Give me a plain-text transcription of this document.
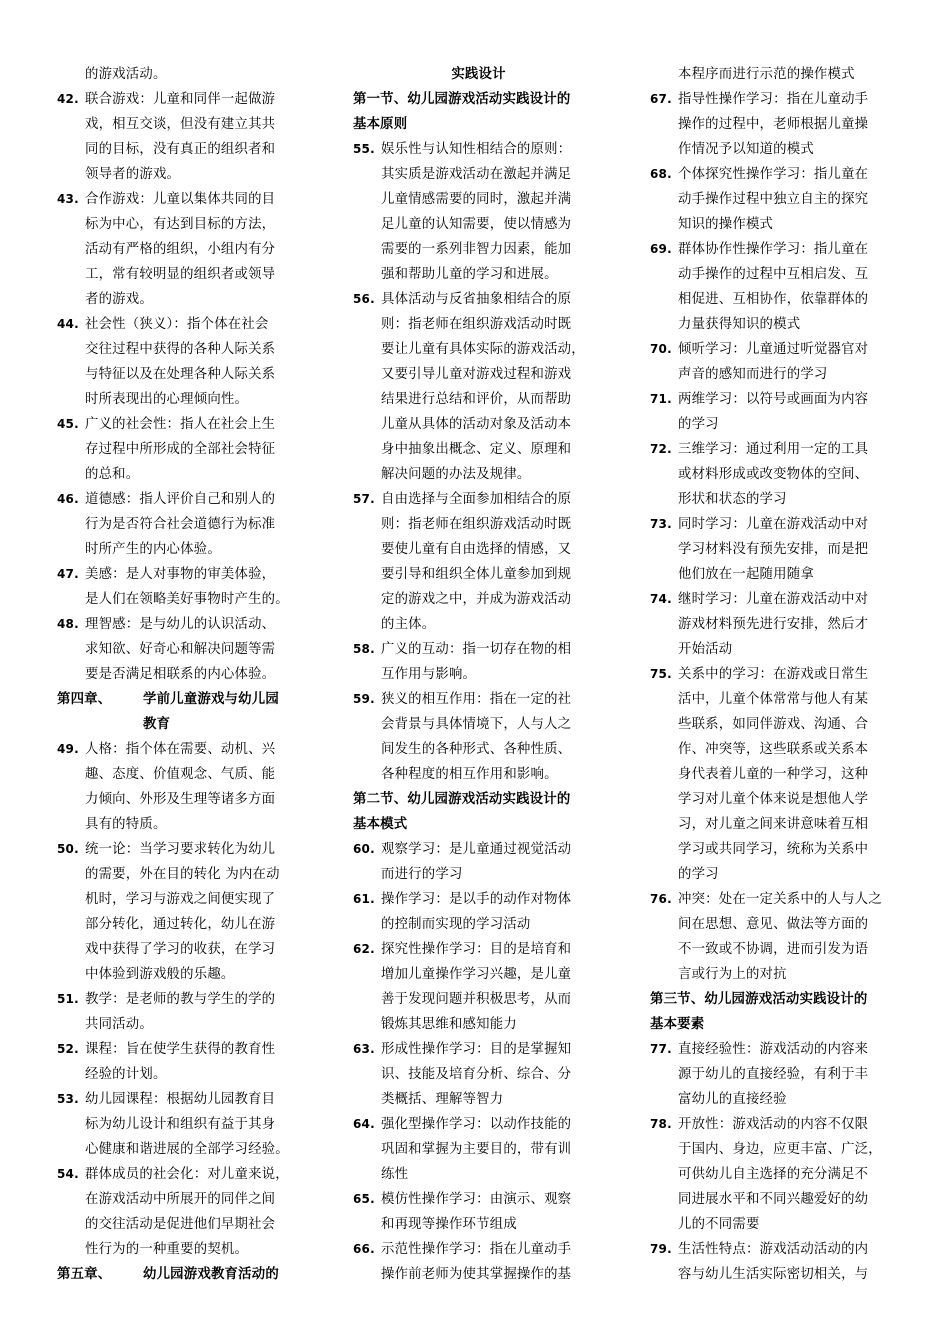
的游戏活动。
42. 联合游戏：儿童和同伴一起做游
戏，相互交谈，但没有建立其共
同的目标，没有真正的组织者和
领导者的游戏。
43. 合作游戏：儿童以集体共同的目
标为中心，有达到目标的方法，
活动有严格的组织，小组内有分
工，常有较明显的组织者或领导
者的游戏。
44. 社会性（狭义）：指个体在社会
交往过程中获得的各种人际关系
与特征以及在处理各种人际关系
时所表现出的心理倾向性。
45. 广义的社会性：指人在社会上生
存过程中所形成的全部社会特征
的总和。
46. 道德感：指人评价自己和别人的
行为是否符合社会道德行为标准
时所产生的内心体验。
47. 美感：是人对事物的审美体验，
是人们在领略美好事物时产生的。
48. 理智感：是与幼儿的认识活动、
求知欲、好奇心和解决问题等需
要是否满足相联系的内心体验。
第四章、 学前儿童游戏与幼儿园
教育
49. 人格：指个体在需要、动机、兴
趣、态度、价值观念、气质、能
力倾向、外形及生理等诸多方面
具有的特质。
50. 统一论：当学习要求转化为幼儿
的需要，外在目的转化 为内在动
机时，学习与游戏之间便实现了
部分转化，通过转化，幼儿在游
戏中获得了学习的收获，在学习
中体验到游戏般的乐趣。
51. 教学：是老师的教与学生的学的
共同活动。
52. 课程：旨在使学生获得的教育性
经验的计划。
53. 幼儿园课程：根据幼儿园教育目
标为幼儿设计和组织有益于其身
心健康和谐进展的全部学习经验。
54. 群体成员的社会化：对儿童来说，
在游戏活动中所展开的同伴之间
的交往活动是促进他们早期社会
性行为的一种重要的契机。
第五章、 幼儿园游戏教育活动的
实践设计
第一节、幼儿园游戏活动实践设计的
基本原则
55. 娱乐性与认知性相结合的原则：
其实质是游戏活动在激起并满足
儿童情感需要的同时，激起并满
足儿童的认知需要，使以情感为
需要的一系列非智力因素，能加
强和帮助儿童的学习和进展。
56. 具体活动与反省抽象相结合的原
则：指老师在组织游戏活动时既
要让儿童有具体实际的游戏活动，
又要引导儿童对游戏过程和游戏
结果进行总结和评价，从而帮助
儿童从具体的活动对象及活动本
身中抽象出概念、定义、原理和
解决问题的办法及规律。
57. 自由选择与全面参加相结合的原
则：指老师在组织游戏活动时既
要使儿童有自由选择的情感，又
要引导和组织全体儿童参加到规
定的游戏之中，并成为游戏活动
的主体。
58. 广义的互动：指一切存在物的相
互作用与影响。
59. 狭义的相互作用：指在一定的社
会背景与具体情境下，人与人之
间发生的各种形式、各种性质、
各种程度的相互作用和影响。
第二节、幼儿园游戏活动实践设计的
基本模式
60. 观察学习：是儿童通过视觉活动
而进行的学习
61. 操作学习：是以手的动作对物体
的控制而实现的学习活动
62. 探究性操作学习：目的是培育和
增加儿童操作学习兴趣，是儿童
善于发现问题并积极思考，从而
锻炼其思维和感知能力
63. 形成性操作学习：目的是掌握知
识、技能及培育分析、综合、分
类概括、理解等智力
64. 强化型操作学习：以动作技能的
巩固和掌握为主要目的，带有训
练性
65. 模仿性操作学习：由演示、观察
和再现等操作环节组成
66. 示范性操作学习：指在儿童动手
操作前老师为使其掌握操作的基
本程序而进行示范的操作模式
67. 指导性操作学习：指在儿童动手
操作的过程中，老师根据儿童操
作情况予以知道的模式
68. 个体探究性操作学习：指儿童在
动手操作过程中独立自主的探究
知识的操作模式
69. 群体协作性操作学习：指儿童在
动手操作的过程中互相启发、互
相促进、互相协作，依靠群体的
力量获得知识的模式
70. 倾听学习：儿童通过听觉器官对
声音的感知而进行的学习
71. 两维学习：以符号或画面为内容
的学习
72. 三维学习：通过利用一定的工具
或材料形成或改变物体的空间、
形状和状态的学习
73. 同时学习：儿童在游戏活动中对
学习材料没有预先安排，而是把
他们放在一起随用随拿
74. 继时学习：儿童在游戏活动中对
游戏材料预先进行安排，然后才
开始活动
75. 关系中的学习：在游戏或日常生
活中，儿童个体常常与他人有某
些联系，如同伴游戏、沟通、合
作、冲突等，这些联系或关系本
身代表着儿童的一种学习，这种
学习对儿童个体来说是想他人学
习，对儿童之间来讲意味着互相
学习或共同学习，统称为关系中
的学习
76. 冲突：处在一定关系中的人与人之
间在思想、意见、做法等方面的
不一致或不协调，进而引发为语
言或行为上的对抗
第三节、幼儿园游戏活动实践设计的
基本要素
77. 直接经验性：游戏活动的内容来
源于幼儿的直接经验，有利于丰
富幼儿的直接经验
78. 开放性：游戏活动的内容不仅限
于国内、身边，应更丰富、广泛，
可供幼儿自主选择的充分满足不
同进展水平和不同兴趣爱好的幼
儿的不同需要
79. 生活性特点：游戏活动活动的内
容与幼儿生活实际密切相关，与
